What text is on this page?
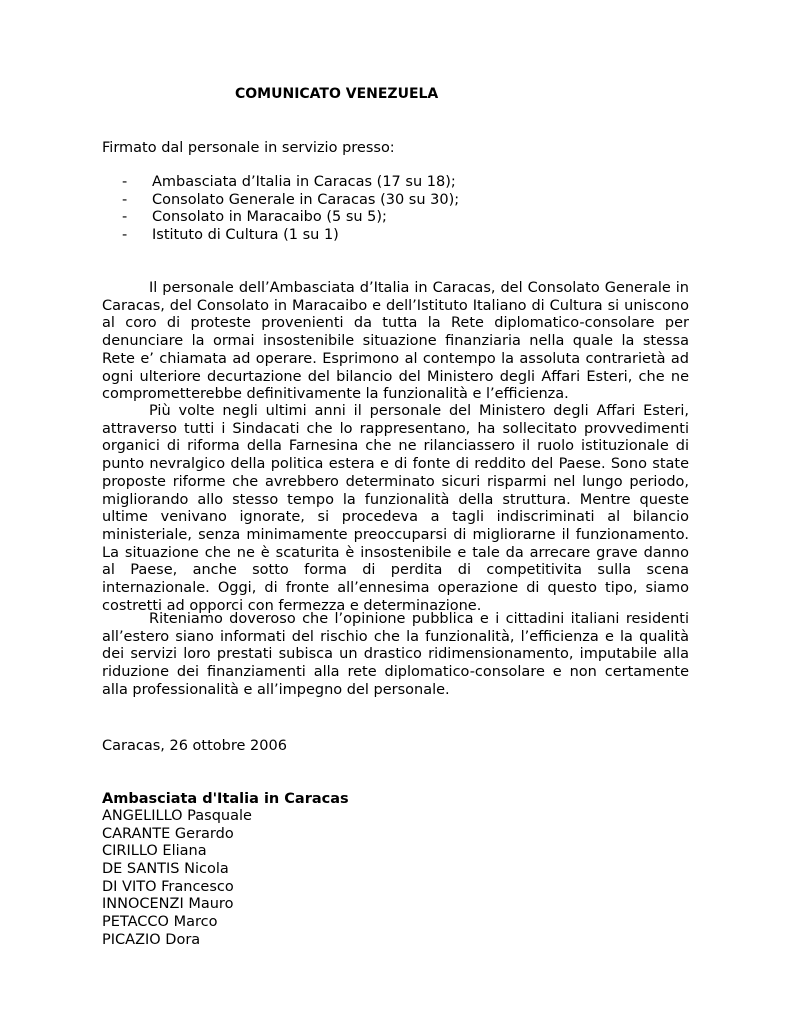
COMUNICATO VENEZUELA

Firmato dal personale in servizio presso:

- Ambasciata d’Italia in Caracas (17 su 18);
- Consolato Generale in Caracas (30 su 30);
- Consolato in Maracaibo (5 su 5);
- Istituto di Cultura (1 su 1)

Il personale dell’Ambasciata d’Italia in Caracas, del Consolato Generale in Caracas, del Consolato in Maracaibo e dell’Istituto Italiano di Cultura si uniscono al coro di proteste provenienti da tutta la Rete diplomatico-consolare per denunciare la ormai insostenibile situazione finanziaria nella quale la stessa Rete e’ chiamata ad operare. Esprimono al contempo la assoluta contrarietà ad ogni ulteriore decurtazione del bilancio del Ministero degli Affari Esteri, che ne comprometterebbe definitivamente la funzionalità e l’efficienza.

Più volte negli ultimi anni il personale del Ministero degli Affari Esteri, attraverso tutti i Sindacati che lo rappresentano, ha sollecitato provvedimenti organici di riforma della Farnesina che ne rilanciassero il ruolo istituzionale di punto nevralgico della politica estera e di fonte di reddito del Paese. Sono state proposte riforme che avrebbero determinato sicuri risparmi nel lungo periodo, migliorando allo stesso tempo la funzionalità della struttura. Mentre queste ultime venivano ignorate, si procedeva a tagli indiscriminati al bilancio ministeriale, senza minimamente preoccuparsi di migliorarne il funzionamento. La situazione che ne è scaturita è insostenibile e tale da arrecare grave danno al Paese, anche sotto forma di perdita di competitivita sulla scena internazionale. Oggi, di fronte all’ennesima operazione di questo tipo, siamo costretti ad opporci con fermezza e determinazione.

Riteniamo doveroso che l’opinione pubblica e i cittadini italiani residenti all’estero siano informati del rischio che la funzionalità, l’efficienza e la qualità dei servizi loro prestati subisca un drastico ridimensionamento, imputabile alla riduzione dei finanziamenti alla rete diplomatico-consolare e non certamente alla professionalità e all’impegno del personale.

Caracas, 26 ottobre 2006

Ambasciata d'Italia in Caracas

ANGELILLO Pasquale
CARANTE Gerardo
CIRILLO Eliana
DE SANTIS Nicola
DI VITO Francesco
INNOCENZI Mauro
PETACCO Marco
PICAZIO Dora
